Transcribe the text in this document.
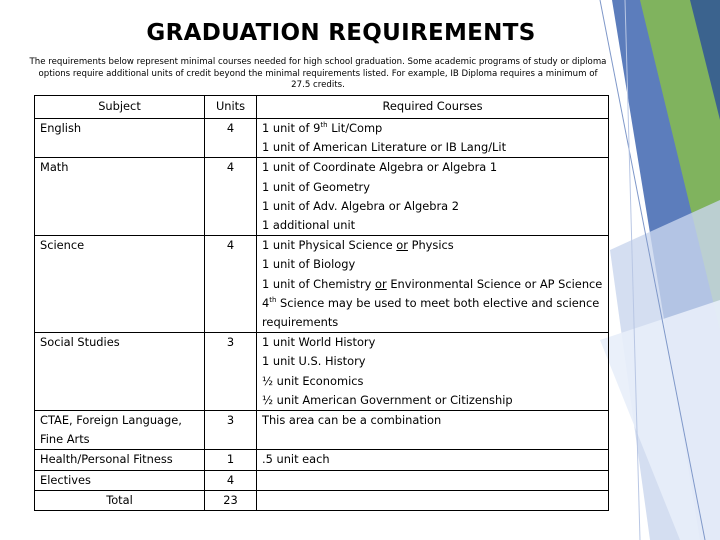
GRADUATION REQUIREMENTS
The requirements below represent minimal courses needed for high school graduation. Some academic programs of study or diploma options require additional units of credit beyond the minimal requirements listed. For example, IB Diploma requires a minimum of 27.5 credits.
Subject	Units	Required Courses
English	4	1 unit of 9th Lit/Comp
1 unit of American Literature or IB Lang/Lit

Math	4	1 unit of Coordinate Algebra or Algebra 1
1 unit of Geometry
1 unit of Adv. Algebra or Algebra 2
1 additional unit

Science	4	1 unit Physical Science or Physics
1 unit of Biology
1 unit of Chemistry or Environmental Science or AP Science
4th Science may be used to meet both elective and science requirements

Social Studies	3	1 unit World History
1 unit U.S. History
½ unit Economics
½ unit American Government or Citizenship

CTAE, Foreign Language, Fine Arts	3	This area can be a combination

Health/Personal Fitness	1	.5 unit each

Electives	4	
Total	23	
